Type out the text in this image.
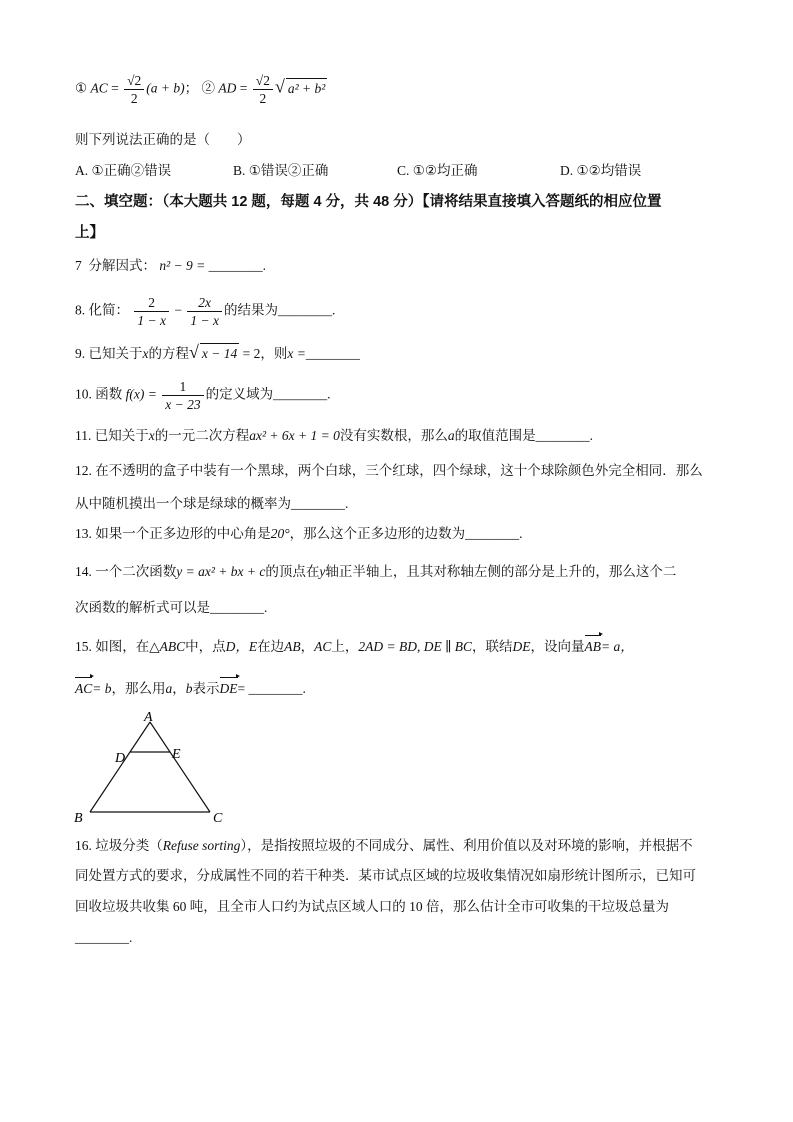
① AC = $\frac{√2}{2} (a + b)$； ② AD = $\frac{√2}{2}$ √ a² + b²
则下列说法正确的是（　　）
A. ①正确②错误	B. ①错误②正确	C. ①②均正确	D. ①②均错误
二、填空题：（本大题共 12 题，每题 4 分，共 48 分）【请将结果直接填入答题纸的相应位置
上】
7 分解因式： n² − 9 = ________.
8. 化简： $\frac{2}{1 - x} - \frac{2x}{1 - x}$ 的结果为________.
9. 已知关于x的方程√ x − 14 = 2，则x =________
10. 函数 $f(x) = \frac{1}{x - 23}$ 的定义域为________.
11. 已知关于x的一元二次方程ax² + 6x + 1 = 0没有实数根，那么a的取值范围是________.
12. 在不透明的盒子中装有一个黑球，两个白球，三个红球，四个绿球，这十个球除颜色外完全相同．那么
从中随机摸出一个球是绿球的概率为________.
13. 如果一个正多边形的中心角是20°，那么这个正多边形的边数为________.
14. 一个二次函数y = ax² + bx + c的顶点在y轴正半轴上，且其对称轴左侧的部分是上升的，那么这个二
次函数的解析式可以是________.
15. 如图，在△ABC中，点D，E在边AB，AC上，2AD = BD, DE ∥ BC，联结DE，设向量AB= a，
AC= b，那么用a，b表示DE= ________.
A
D	E
B	C
16. 垃圾分类（Refuse sorting），是指按照垃圾的不同成分、属性、利用价值以及对环境的影响，并根据不
同处置方式的要求，分成属性不同的若干种类．某市试点区域的垃圾收集情况如扇形统计图所示，已知可
回收垃圾共收集 60 吨，且全市人口约为试点区域人口的 10 倍，那么估计全市可收集的干垃圾总量为
________.
